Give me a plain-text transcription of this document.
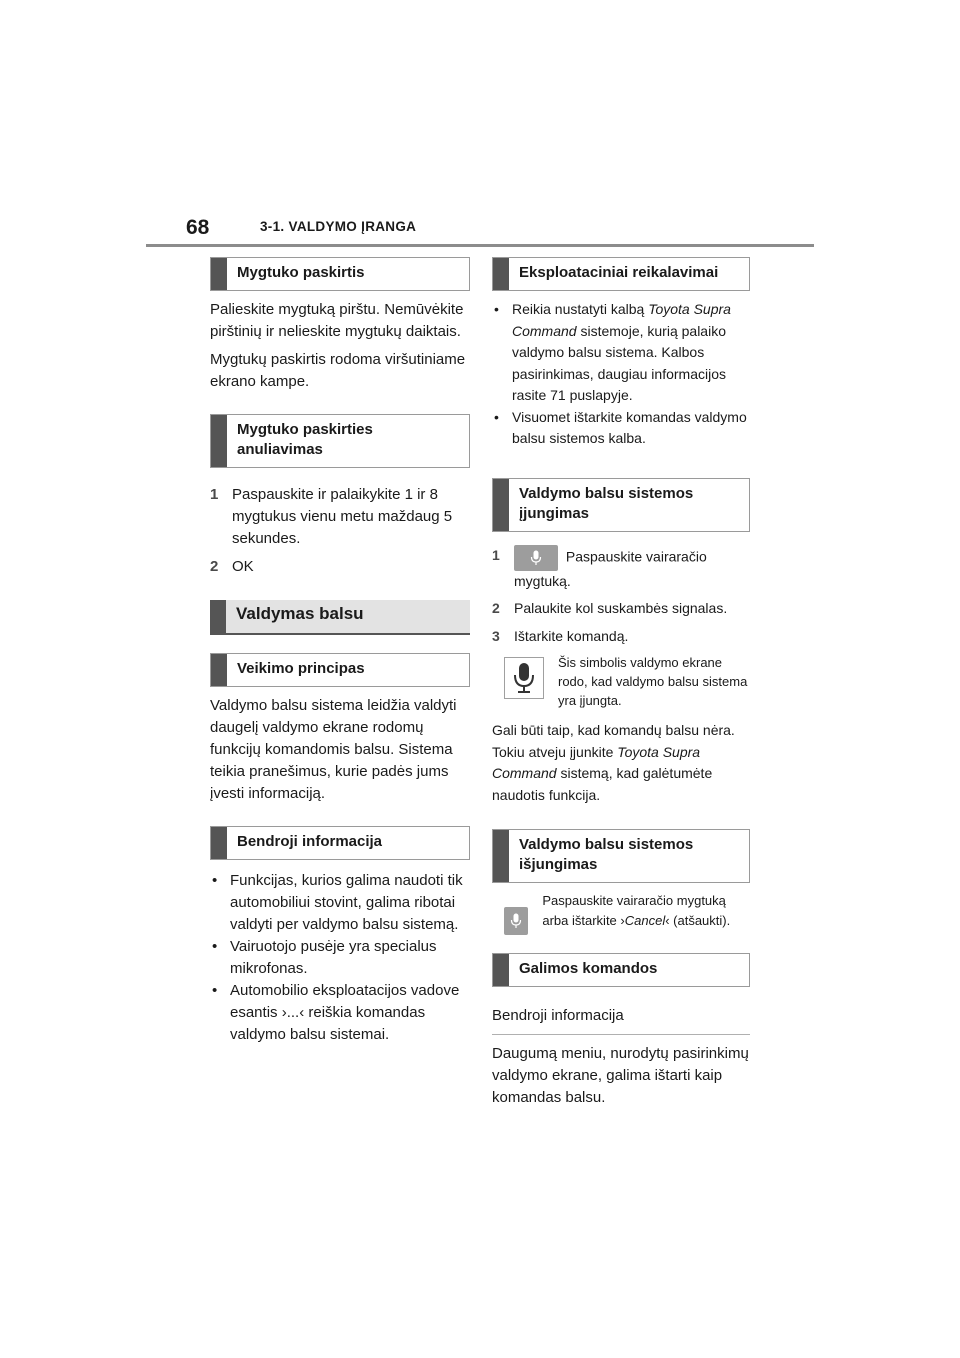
68	3-1. VALDYMO ĮRANGA
Mygtuko paskirtis

Palieskite mygtuką pirštu. Nemūvėkite pirštinių ir nelieskite mygtukų daiktais.

Mygtukų paskirtis rodoma viršutiniame ekrano kampe.

Mygtuko paskirties anuliavimas
1 Paspauskite ir palaikykite 1 ir 8 mygtukus vienu metu maždaug 5 sekundes.
2 OK
Valdymas balsu
Veikimo principas

Valdymo balsu sistema leidžia valdyti daugelį valdymo ekrane rodomų funkcijų komandomis balsu. Sistema teikia pranešimus, kurie padės jums įvesti informaciją.

Bendroji informacija
• Funkcijas, kurios galima naudoti tik automobiliui stovint, galima ribotai valdyti per valdymo balsu sistemą.
• Vairuotojo pusėje yra specialus mikrofonas.
• Automobilio eksploatacijos vadove esantis ›...‹ reiškia komandas valdymo balsu sistemai.
Eksploataciniai reikalavimai
• Reikia nustatyti kalbą Toyota Supra Command sistemoje, kurią palaiko valdymo balsu sistema. Kalbos pasirinkimas, daugiau informacijos rasite 71 puslapyje.
• Visuomet ištarkite komandas valdymo balsu sistemos kalba.
Valdymo balsu sistemos įjungimas
1	Paspauskite vairaračio mygtuką.
2	Palaukite kol suskambės signalas.
3	Ištarkite komandą.

Šis simbolis valdymo ekrane rodo, kad valdymo balsu sistema yra įjungta.

Gali būti taip, kad komandų balsu nėra. Tokiu atveju įjunkite Toyota Supra Command sistemą, kad galėtumėte naudotis funkcija.

Valdymo balsu sistemos išjungimas

Paspauskite vairaračio mygtuką arba ištarkite ›Cancel‹ (atšaukti).

Galimos komandos
Bendroji informacija

Daugumą meniu, nurodytų pasirinkimų valdymo ekrane, galima ištarti kaip komandas balsu.
